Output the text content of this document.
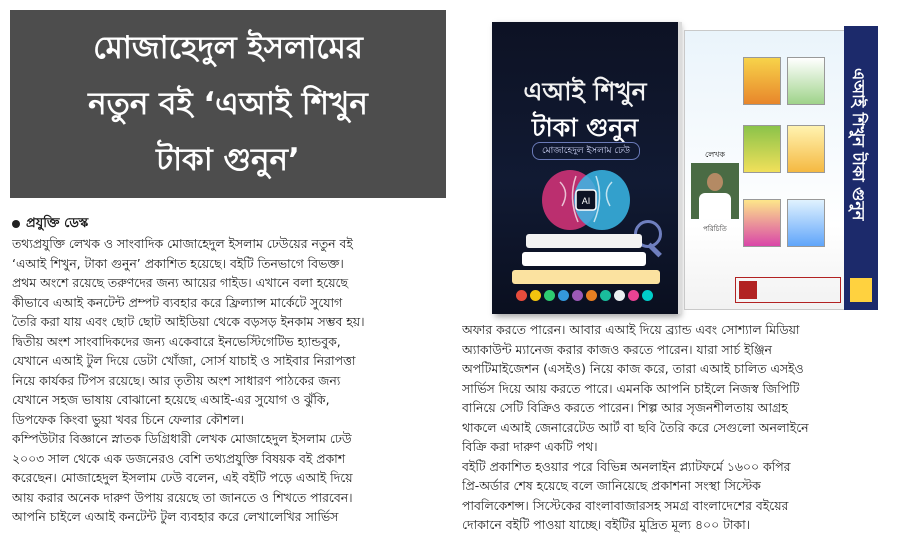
মোজাহেদুল ইসলামের
নতুন বই ‘এআই শিখুন
টাকা গুনুন’
প্রযুক্তি ডেস্ক
তথ্যপ্রযুক্তি লেখক ও সাংবাদিক মোজাহেদুল ইসলাম ঢেউয়ের নতুন বই
‘এআই শিখুন, টাকা গুনুন’ প্রকাশিত হয়েছে। বইটি তিনভাগে বিভক্ত।
প্রথম অংশে রয়েছে তরুণদের জন্য আয়ের গাইড। এখানে বলা হয়েছে
কীভাবে এআই কনটেন্ট প্রম্পট ব্যবহার করে ফ্রিল্যান্স মার্কেটে সুযোগ
তৈরি করা যায় এবং ছোট ছোট আইডিয়া থেকে বড়সড় ইনকাম সম্ভব হয়।
দ্বিতীয় অংশ সাংবাদিকদের জন্য একেবারে ইনভেস্টিগেটিভ হ্যান্ডবুক,
যেখানে এআই টুল দিয়ে ডেটা খোঁজা, সোর্স যাচাই ও সাইবার নিরাপত্তা
নিয়ে কার্যকর টিপস রয়েছে। আর তৃতীয় অংশ সাধারণ পাঠকের জন্য
যেখানে সহজ ভাষায় বোঝানো হয়েছে এআই-এর সুযোগ ও ঝুঁকি,
ডিপফেক কিংবা ভুয়া খবর চিনে ফেলার কৌশল।
কম্পিউটার বিজ্ঞানে স্নাতক ডিগ্রিধারী লেখক মোজাহেদুল ইসলাম ঢেউ
২০০৩ সাল থেকে এক ডজনেরও বেশি তথ্যপ্রযুক্তি বিষয়ক বই প্রকাশ
করেছেন। মোজাহেদুল ইসলাম ঢেউ বলেন, এই বইটি পড়ে এআই দিয়ে
আয় করার অনেক দারুণ উপায় রয়েছে তা জানতে ও শিখতে পারবেন।
আপনি চাইলে এআই কনটেন্ট টুল ব্যবহার করে লেখালেখির সার্ভিস
অফার করতে পারেন। আবার এআই দিয়ে ব্র্যান্ড এবং সোশ্যাল মিডিয়া
অ্যাকাউন্ট ম্যানেজ করার কাজও করতে পারেন। যারা সার্চ ইঞ্জিন
অপটিমাইজেশন (এসইও) নিয়ে কাজ করে, তারা এআই চালিত এসইও
সার্ভিস দিয়ে আয় করতে পারে। এমনকি আপনি চাইলে নিজস্ব জিপিটি
বানিয়ে সেটি বিক্রিও করতে পারেন। শিল্প আর সৃজনশীলতায় আগ্রহ
থাকলে এআই জেনারেটেড আর্ট বা ছবি তৈরি করে সেগুলো অনলাইনে
বিক্রি করা দারুণ একটি পথ।
বইটি প্রকাশিত হওয়ার পরে বিভিন্ন অনলাইন প্ল্যাটফর্মে ১৬০০ কপির
প্রি-অর্ডার শেষ হয়েছে বলে জানিয়েছে প্রকাশনা সংস্থা সিস্টেক
পাবলিকেশন্স। সিস্টেকের বাংলাবাজারসহ সমগ্র বাংলাদেশের বইয়ের
দোকানে বইটি পাওয়া যাচ্ছে। বইটির মুদ্রিত মূল্য ৪০০ টাকা।
এআই শিখুন
টাকা গুনুন
মোজাহেদুল ইসলাম ঢেউ
AI
লেখক
পরিচিতি
এআই শিখুন টাকা গুনুন
